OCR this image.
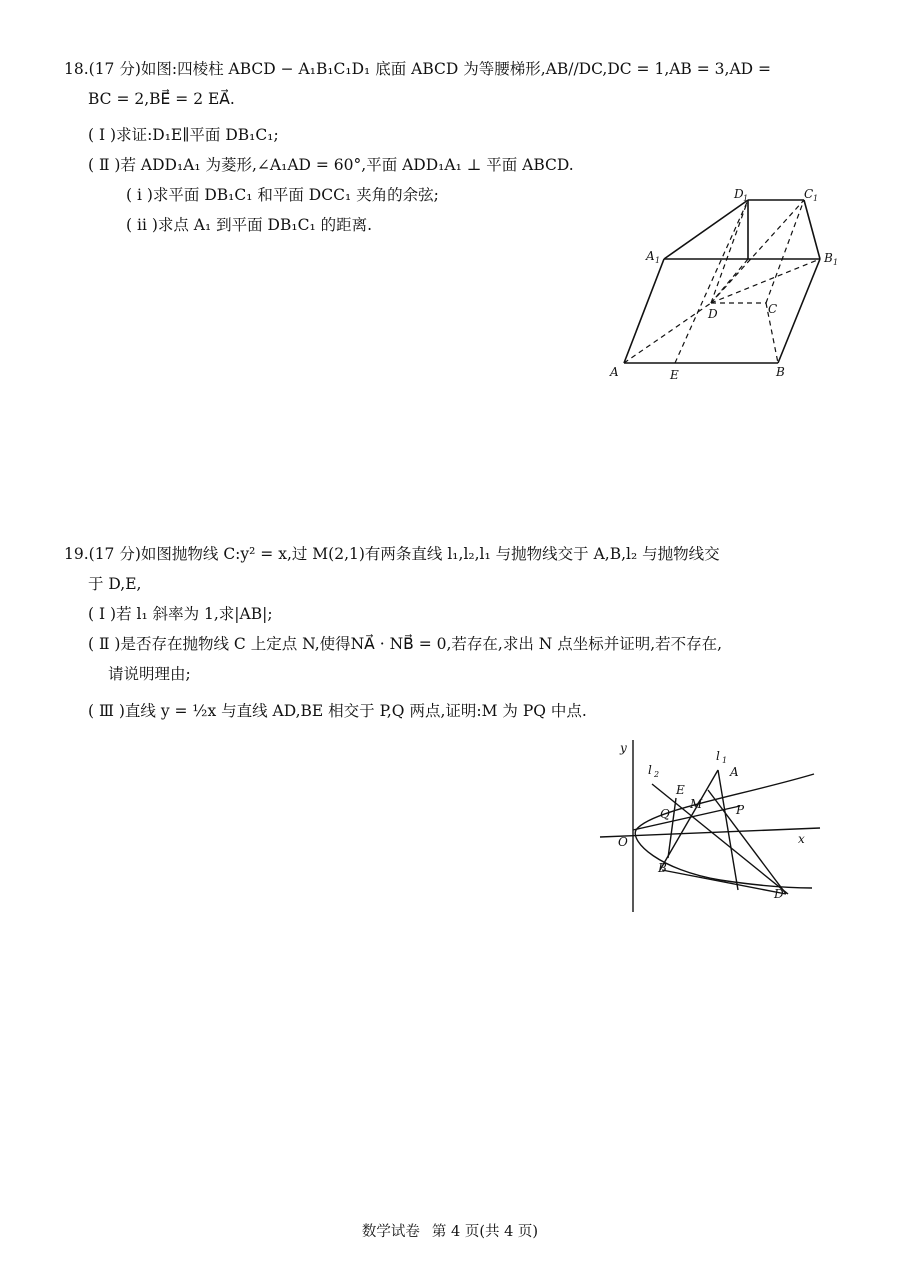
18.(17 分)如图:四棱柱 ABCD − A₁B₁C₁D₁ 底面 ABCD 为等腰梯形,AB//DC,DC = 1,AB = 3,AD =
BC = 2,BE⃗ = 2 EA⃗.
( Ⅰ )求证:D₁E∥平面 DB₁C₁;
( Ⅱ )若 ADD₁A₁ 为菱形,∠A₁AD = 60°,平面 ADD₁A₁ ⊥ 平面 ABCD.
( ⅰ )求平面 DB₁C₁ 和平面 DCC₁ 夹角的余弦;
( ⅱ )求点 A₁ 到平面 DB₁C₁ 的距离.
D 1	C 1
A 1	B 1
D	C
A	E	B
19.(17 分)如图抛物线 C:y² = x,过 M(2,1)有两条直线 l₁,l₂,l₁ 与抛物线交于 A,B,l₂ 与抛物线交
于 D,E,
( Ⅰ )若 l₁ 斜率为 1,求|AB|;
( Ⅱ )是否存在抛物线 C 上定点 N,使得NA⃗ · NB⃗ = 0,若存在,求出 N 点坐标并证明,若不存在,
请说明理由;
( Ⅲ )直线 y = ½x 与直线 AD,BE 相交于 P,Q 两点,证明:M 为 PQ 中点.
y
x
O
l 1
l 2	A
E
M	P
Q
B
D
数学试卷 第 4 页(共 4 页)
